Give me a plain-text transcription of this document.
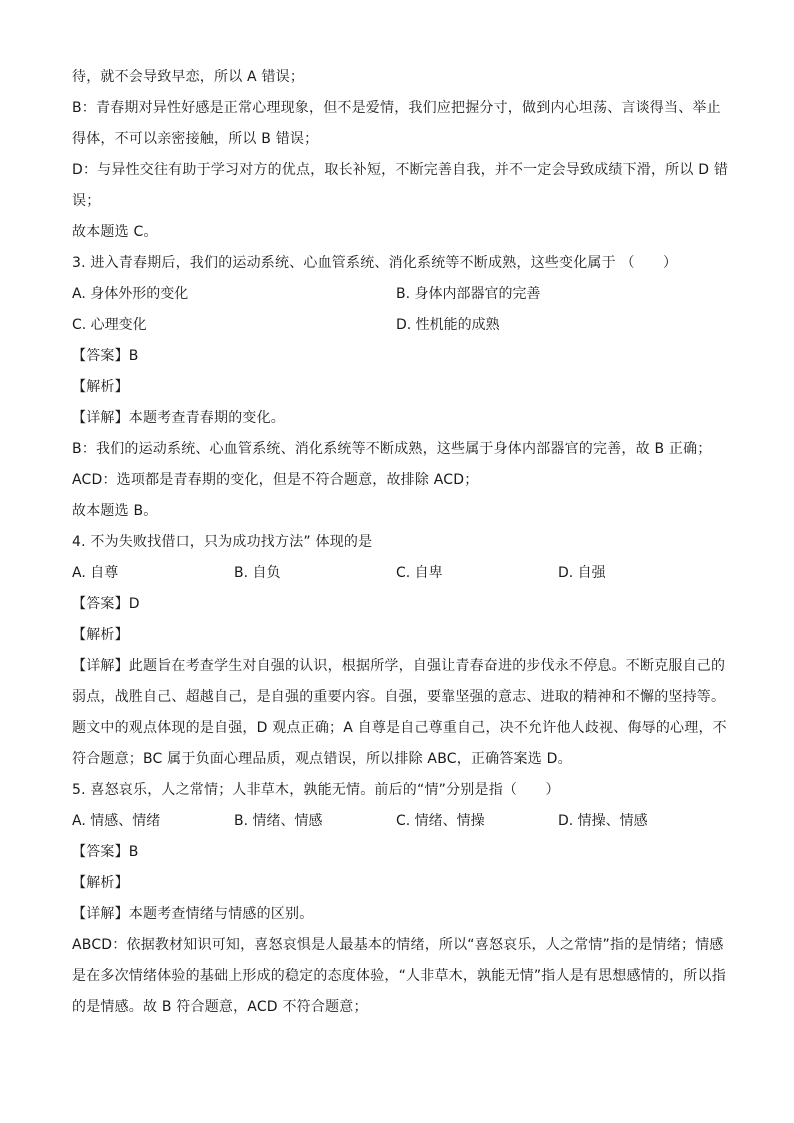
待，就不会导致早恋，所以 A 错误；
B：青春期对异性好感是正常心理现象，但不是爱情，我们应把握分寸，做到内心坦荡、言谈得当、举止
得体，不可以亲密接触，所以 B 错误；
D：与异性交往有助于学习对方的优点，取长补短，不断完善自我，并不一定会导致成绩下滑，所以 D 错
误；
故本题选 C。
3. 进入青春期后，我们的运动系统、心血管系统、消化系统等不断成熟，这些变化属于 （　　）
A. 身体外形的变化	B. 身体内部器官的完善
C. 心理变化	D. 性机能的成熟
【答案】B
【解析】
【详解】本题考查青春期的变化。
B：我们的运动系统、心血管系统、消化系统等不断成熟，这些属于身体内部器官的完善，故 B 正确；
ACD：选项都是青春期的变化，但是不符合题意，故排除 ACD；
故本题选 B。
4. 不为失败找借口，只为成功找方法” 体现的是
A. 自尊	B. 自负	C. 自卑	D. 自强
【答案】D
【解析】
【详解】此题旨在考查学生对自强的认识，根据所学，自强让青春奋进的步伐永不停息。不断克服自己的
弱点，战胜自己、超越自己，是自强的重要内容。自强，要靠坚强的意志、进取的精神和不懈的坚持等。
题文中的观点体现的是自强，D 观点正确；A 自尊是自己尊重自己，决不允许他人歧视、侮辱的心理，不
符合题意；BC 属于负面心理品质，观点错误，所以排除 ABC，正确答案选 D。
5. 喜怒哀乐，人之常情；人非草木，孰能无情。前后的“情”分别是指（　　）
A. 情感、情绪	B. 情绪、情感	C. 情绪、情操	D. 情操、情感
【答案】B
【解析】
【详解】本题考查情绪与情感的区别。
ABCD：依据教材知识可知，喜怒哀惧是人最基本的情绪，所以“喜怒哀乐，人之常情”指的是情绪；情感
是在多次情绪体验的基础上形成的稳定的态度体验，“人非草木，孰能无情”指人是有思想感情的，所以指
的是情感。故 B 符合题意，ACD 不符合题意；
